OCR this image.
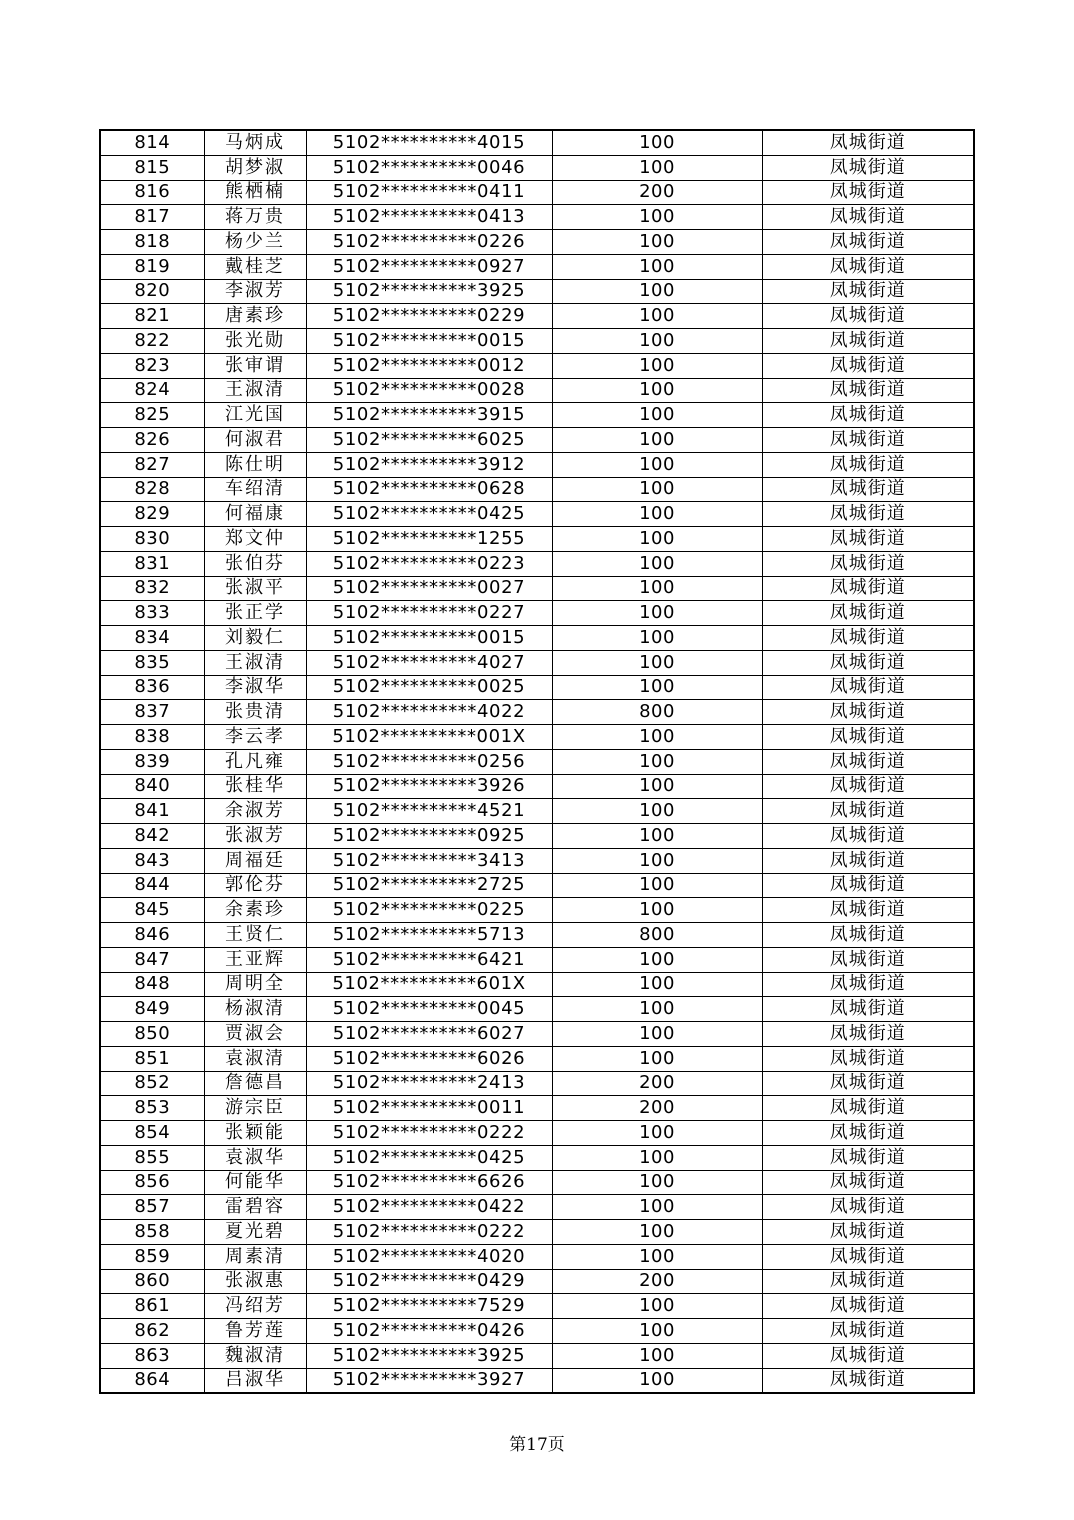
814	马炳成	5102**********4015	100	凤城街道
815	胡梦淑	5102**********0046	100	凤城街道
816	熊栖楠	5102**********0411	200	凤城街道
817	蒋万贵	5102**********0413	100	凤城街道
818	杨少兰	5102**********0226	100	凤城街道
819	戴桂芝	5102**********0927	100	凤城街道
820	李淑芳	5102**********3925	100	凤城街道
821	唐素珍	5102**********0229	100	凤城街道
822	张光勋	5102**********0015	100	凤城街道
823	张审谓	5102**********0012	100	凤城街道
824	王淑清	5102**********0028	100	凤城街道
825	江光国	5102**********3915	100	凤城街道
826	何淑君	5102**********6025	100	凤城街道
827	陈仕明	5102**********3912	100	凤城街道
828	车绍清	5102**********0628	100	凤城街道
829	何福康	5102**********0425	100	凤城街道
830	郑文仲	5102**********1255	100	凤城街道
831	张伯芬	5102**********0223	100	凤城街道
832	张淑平	5102**********0027	100	凤城街道
833	张正学	5102**********0227	100	凤城街道
834	刘毅仁	5102**********0015	100	凤城街道
835	王淑清	5102**********4027	100	凤城街道
836	李淑华	5102**********0025	100	凤城街道
837	张贵清	5102**********4022	800	凤城街道
838	李云孝	5102**********001X	100	凤城街道
839	孔凡雍	5102**********0256	100	凤城街道
840	张桂华	5102**********3926	100	凤城街道
841	余淑芳	5102**********4521	100	凤城街道
842	张淑芳	5102**********0925	100	凤城街道
843	周福廷	5102**********3413	100	凤城街道
844	郭伦芬	5102**********2725	100	凤城街道
845	余素珍	5102**********0225	100	凤城街道
846	王贤仁	5102**********5713	800	凤城街道
847	王亚辉	5102**********6421	100	凤城街道
848	周明全	5102**********601X	100	凤城街道
849	杨淑清	5102**********0045	100	凤城街道
850	贾淑会	5102**********6027	100	凤城街道
851	袁淑清	5102**********6026	100	凤城街道
852	詹德昌	5102**********2413	200	凤城街道
853	游宗臣	5102**********0011	200	凤城街道
854	张颖能	5102**********0222	100	凤城街道
855	袁淑华	5102**********0425	100	凤城街道
856	何能华	5102**********6626	100	凤城街道
857	雷碧容	5102**********0422	100	凤城街道
858	夏光碧	5102**********0222	100	凤城街道
859	周素清	5102**********4020	100	凤城街道
860	张淑惠	5102**********0429	200	凤城街道
861	冯绍芳	5102**********7529	100	凤城街道
862	鲁芳莲	5102**********0426	100	凤城街道
863	魏淑清	5102**********3925	100	凤城街道
864	吕淑华	5102**********3927	100	凤城街道
第17页
